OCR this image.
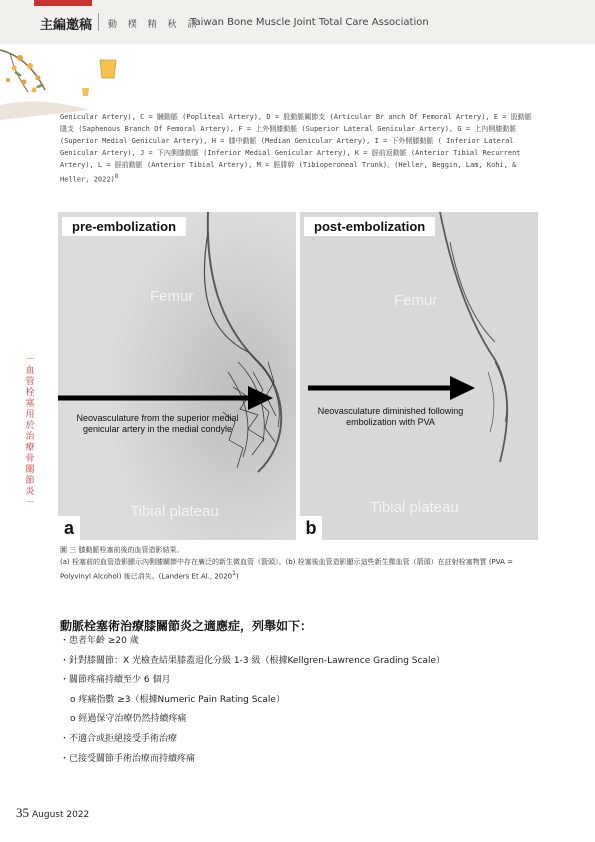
主編邀稿 動 樸 精 秋 訊
Taiwan Bone Muscle Joint Total Care Association
Genicular Artery), C = 膕動脈 (Popliteal Artery), D = 股動脈關節支 (Articular Br anch Of Femoral Artery), E = 股動脈隱支 (Saphenous Branch Of Femoral Artery), F = 上外側膝動脈 (Superior Lateral Genicular Artery), G = 上內側膝動脈 (Superior Medial Genicular Artery), H = 膝中動脈 (Median Genicular Artery), I = 下外側膝動脈 ( Inferior Lateral Genicular Artery), J = 下內側膝動脈 (Inferior Medial Genicular Artery), K = 脛前返動脈 (Anterior Tibial Recurrent Artery), L = 脛前動脈 (Anterior Tibial Artery), M = 脛腓幹 (Tibioperoneal Trunk)。(Heller, Beggin, Lam, Kohi, & Heller, 2022)$^8$
pre-embolization
Femur
Neovasculature from the superior medial genicular artery in the medial condyle
Tibial plateau
a
post-embolization
Femur
Neovasculature diminished following embolization with PVA
Tibial plateau
b
圖 三 膝動脈栓塞前後的血管造影結果。
(a) 栓塞前的血管造影顯示內側膝關節中存在廣泛的新生微血管（箭頭）。(b) 栓塞後血管造影顯示這些新生微血管（箭頭）在註射栓塞物質 (PVA = Polyvinyl Alcohol) 後已消失。(Landers Et Al., $2020^1$)
－血管栓塞用於治療骨關節炎－
動脈栓塞術治療膝關節炎之適應症，列舉如下：
・患者年齡 ≥20 歲
・針對膝關節：X 光檢查結果膝蓋退化分級 1-3 級（根據Kellgren-Lawrence Grading Scale）
・關節疼痛持續至少 6 個月
o 疼痛指數 ≥3（根據Numeric Pain Rating Scale）
o 經過保守治療仍然持續疼痛
・不適合或拒絕接受手術治療
・已接受關節手術治療而持續疼痛
35 August 2022
